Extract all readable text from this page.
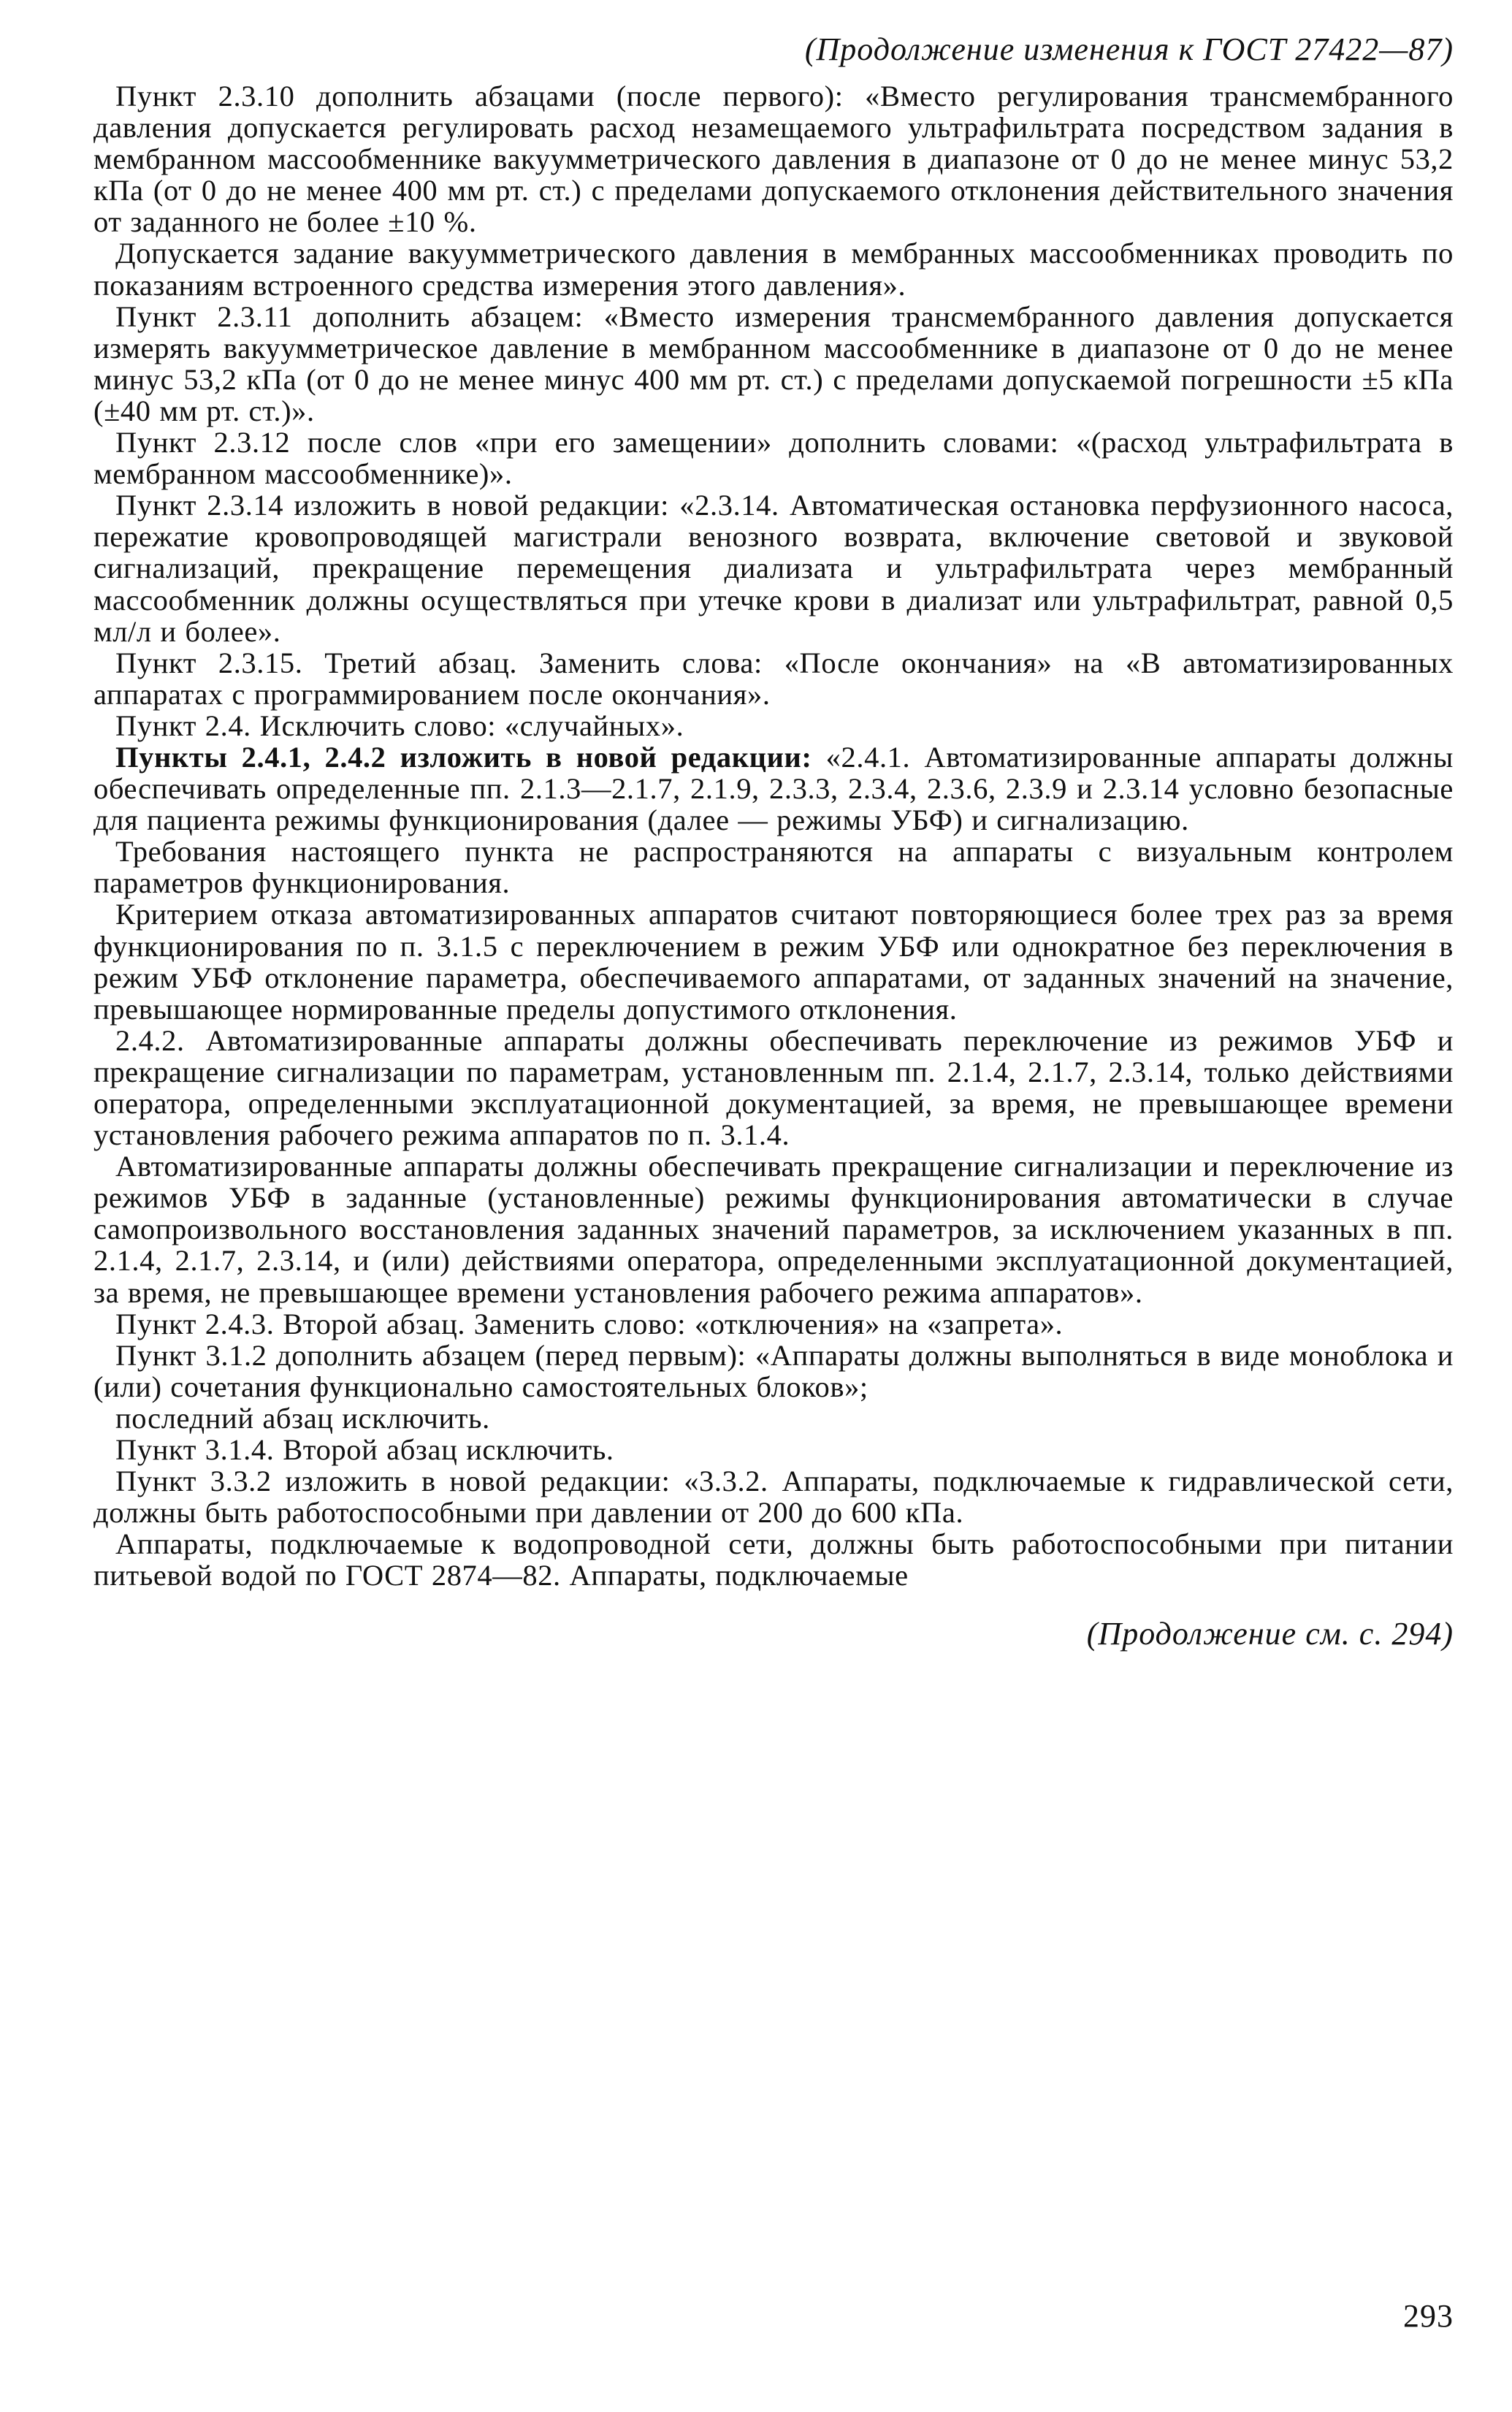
(Продолжение изменения к ГОСТ 27422—87)

Пункт 2.3.10 дополнить абзацами (после первого): «Вместо регулирования трансмембранного давления допускается регулировать расход незамещаемого ультрафильтрата посредством задания в мембранном массообменнике вакуумметрического давления в диапазоне от 0 до не менее минус 53,2 кПа (от 0 до не менее 400 мм рт. ст.) с пределами допускаемого отклонения действительного значения от заданного не более ±10 %.

Допускается задание вакуумметрического давления в мембранных массообменниках проводить по показаниям встроенного средства измерения этого давления».

Пункт 2.3.11 дополнить абзацем: «Вместо измерения трансмембранного давления допускается измерять вакуумметрическое давление в мембранном массообменнике в диапазоне от 0 до не менее минус 53,2 кПа (от 0 до не менее минус 400 мм рт. ст.) с пределами допускаемой погрешности ±5 кПа (±40 мм рт. ст.)».

Пункт 2.3.12 после слов «при его замещении» дополнить словами: «(расход ультрафильтрата в мембранном массообменнике)».

Пункт 2.3.14 изложить в новой редакции: «2.3.14. Автоматическая остановка перфузионного насоса, пережатие кровопроводящей магистрали венозного возврата, включение световой и звуковой сигнализаций, прекращение перемещения диализата и ультрафильтрата через мембранный массообменник должны осуществляться при утечке крови в диализат или ультрафильтрат, равной 0,5 мл/л и более».

Пункт 2.3.15. Третий абзац. Заменить слова: «После окончания» на «В автоматизированных аппаратах с программированием после окончания».

Пункт 2.4. Исключить слово: «случайных».

Пункты 2.4.1, 2.4.2 изложить в новой редакции: «2.4.1. Автоматизированные аппараты должны обеспечивать определенные пп. 2.1.3—2.1.7, 2.1.9, 2.3.3, 2.3.4, 2.3.6, 2.3.9 и 2.3.14 условно безопасные для пациента режимы функционирования (далее — режимы УБФ) и сигнализацию.

Требования настоящего пункта не распространяются на аппараты с визуальным контролем параметров функционирования.

Критерием отказа автоматизированных аппаратов считают повторяющиеся более трех раз за время функционирования по п. 3.1.5 с переключением в режим УБФ или однократное без переключения в режим УБФ отклонение параметра, обеспечиваемого аппаратами, от заданных значений на значение, превышающее нормированные пределы допустимого отклонения.

2.4.2. Автоматизированные аппараты должны обеспечивать переключение из режимов УБФ и прекращение сигнализации по параметрам, установленным пп. 2.1.4, 2.1.7, 2.3.14, только действиями оператора, определенными эксплуатационной документацией, за время, не превышающее времени установления рабочего режима аппаратов по п. 3.1.4.

Автоматизированные аппараты должны обеспечивать прекращение сигнализации и переключение из режимов УБФ в заданные (установленные) режимы функционирования автоматически в случае самопроизвольного восстановления заданных значений параметров, за исключением указанных в пп. 2.1.4, 2.1.7, 2.3.14, и (или) действиями оператора, определенными эксплуатационной документацией, за время, не превышающее времени установления рабочего режима аппаратов».

Пункт 2.4.3. Второй абзац. Заменить слово: «отключения» на «запрета».

Пункт 3.1.2 дополнить абзацем (перед первым): «Аппараты должны выполняться в виде моноблока и (или) сочетания функционально самостоятельных блоков»;

последний абзац исключить.

Пункт 3.1.4. Второй абзац исключить.

Пункт 3.3.2 изложить в новой редакции: «3.3.2. Аппараты, подключаемые к гидравлической сети, должны быть работоспособными при давлении от 200 до 600 кПа.

Аппараты, подключаемые к водопроводной сети, должны быть работоспособными при питании питьевой водой по ГОСТ 2874—82. Аппараты, подключаемые

(Продолжение см. с. 294)
293
